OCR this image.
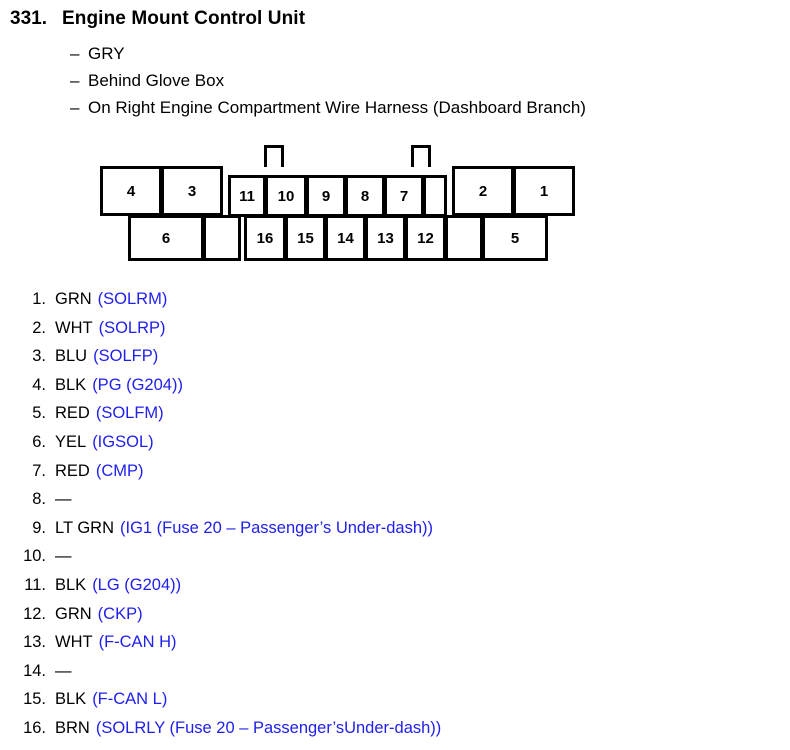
331. Engine Mount Control Unit
– GRY
– Behind Glove Box
– On Right Engine Compartment Wire Harness (Dashboard Branch)
4	3	11	10	9	8	7	2	1
6	16	15	14	13	12	5
1. GRN (SOLRM)
2. WHT (SOLRP)
3. BLU (SOLFP)
4. BLK (PG (G204))
5. RED (SOLFM)
6. YEL (IGSOL)
7. RED (CMP)
8. —
9. LT GRN (IG1 (Fuse 20 – Passenger’s Under-dash))
10. —
11. BLK (LG (G204))
12. GRN (CKP)
13. WHT (F-CAN H)
14. —
15. BLK (F-CAN L)
16. BRN (SOLRLY (Fuse 20 – Passenger’sUnder-dash))
